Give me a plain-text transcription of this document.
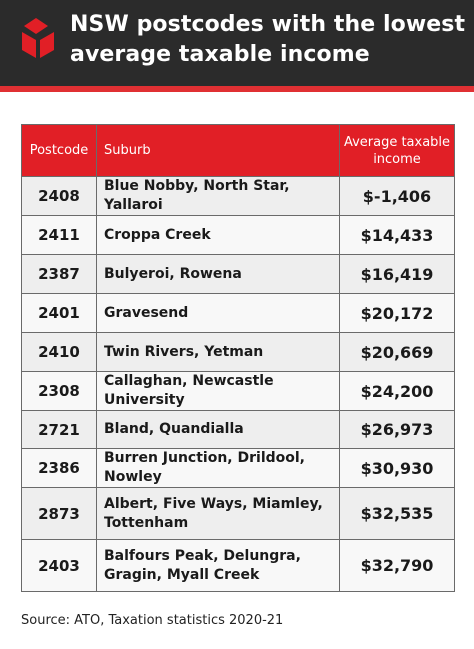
NSW postcodes with the lowest average taxable income
Postcode	Suburb	Average taxable income
2408	Blue Nobby, North Star, Yallaroi	$-1,406
2411	Croppa Creek	$14,433
2387	Bulyeroi, Rowena	$16,419
2401	Gravesend	$20,172
2410	Twin Rivers, Yetman	$20,669
2308	Callaghan, Newcastle University	$24,200
2721	Bland, Quandialla	$26,973
2386	Burren Junction, Drildool, Nowley	$30,930
2873	Albert, Five Ways, Miamley, Tottenham	$32,535
2403	Balfours Peak, Delungra, Gragin, Myall Creek	$32,790
Source: ATO, Taxation statistics 2020-21
